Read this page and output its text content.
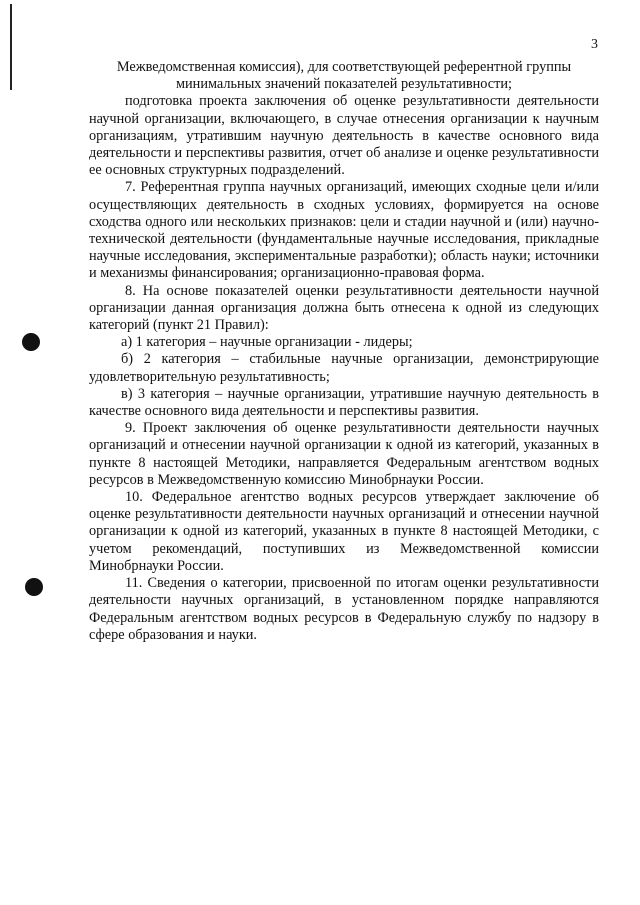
3

Межведомственная комиссия), для соответствующей референтной группы минимальных значений показателей результативности;

подготовка проекта заключения об оценке результативности деятельности научной организации, включающего, в случае отнесения организации к научным организациям, утратившим научную деятельность в качестве основного вида деятельности и перспективы развития, отчет об анализе и оценке результативности ее основных структурных подразделений.

7. Референтная группа научных организаций, имеющих сходные цели и/или осуществляющих деятельность в сходных условиях, формируется на основе сходства одного или нескольких признаков: цели и стадии научной и (или) научно-технической деятельности (фундаментальные научные исследования, прикладные научные исследования, экспериментальные разработки); область науки; источники и механизмы финансирования; организационно-правовая форма.

8. На основе показателей оценки результативности деятельности научной организации данная организация должна быть отнесена к одной из следующих категорий (пункт 21 Правил):

а) 1 категория – научные организации - лидеры;

б) 2 категория – стабильные научные организации, демонстрирующие удовлетворительную результативность;

в) 3 категория – научные организации, утратившие научную деятельность в качестве основного вида деятельности и перспективы развития.

9. Проект заключения об оценке результативности деятельности научных организаций и отнесении научной организации к одной из категорий, указанных в пункте 8 настоящей Методики, направляется Федеральным агентством водных ресурсов в Межведомственную комиссию Минобрнауки России.

10. Федеральное агентство водных ресурсов утверждает заключение об оценке результативности деятельности научных организаций и отнесении научной организации к одной из категорий, указанных в пункте 8 настоящей Методики, с учетом рекомендаций, поступивших из Межведомственной комиссии Минобрнауки России.

11. Сведения о категории, присвоенной по итогам оценки результативности деятельности научных организаций, в установленном порядке направляются Федеральным агентством водных ресурсов в Федеральную службу по надзору в сфере образования и науки.
